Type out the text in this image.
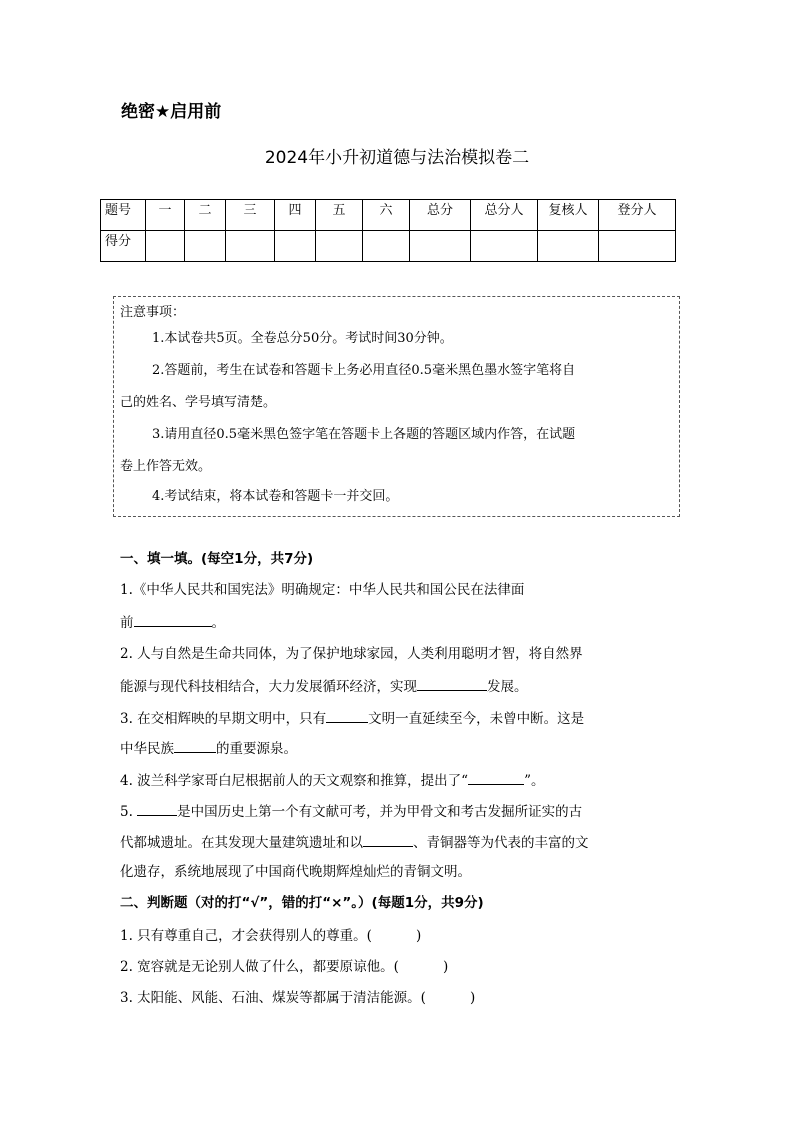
绝密★启用前
2024年小升初道德与法治模拟卷二
题号	一	二	三	四	五	六	总分	总分人	复核人	登分人
得分										
注意事项：
1.本试卷共5页。全卷总分50分。考试时间30分钟。
2.答题前，考生在试卷和答题卡上务必用直径0.5毫米黑色墨水签字笔将自
己的姓名、学号填写清楚。
3.请用直径0.5毫米黑色签字笔在答题卡上各题的答题区域内作答，在试题
卷上作答无效。
4.考试结束，将本试卷和答题卡一并交回。
一、填一填。(每空1分，共7分)
1.《中华人民共和国宪法》明确规定：中华人民共和国公民在法律面
前	。
2. 人与自然是生命共同体，为了保护地球家园，人类利用聪明才智，将自然界
能源与现代科技相结合，大力发展循环经济，实现	发展。
3. 在交相辉映的早期文明中，只有	文明一直延续至今，未曾中断。这是
中华民族	的重要源泉。
4. 波兰科学家哥白尼根据前人的天文观察和推算，提出了“	”。
5.	是中国历史上第一个有文献可考，并为甲骨文和考古发掘所证实的古
代都城遗址。在其发现大量建筑遗址和以	、青铜器等为代表的丰富的文
化遗存，系统地展现了中国商代晚期辉煌灿烂的青铜文明。
二、判断题（对的打“√”，错的打“×”。）(每题1分，共9分)
1. 只有尊重自己，才会获得别人的尊重。(	)
2. 宽容就是无论别人做了什么，都要原谅他。(	)
3. 太阳能、风能、石油、煤炭等都属于清洁能源。(	)
